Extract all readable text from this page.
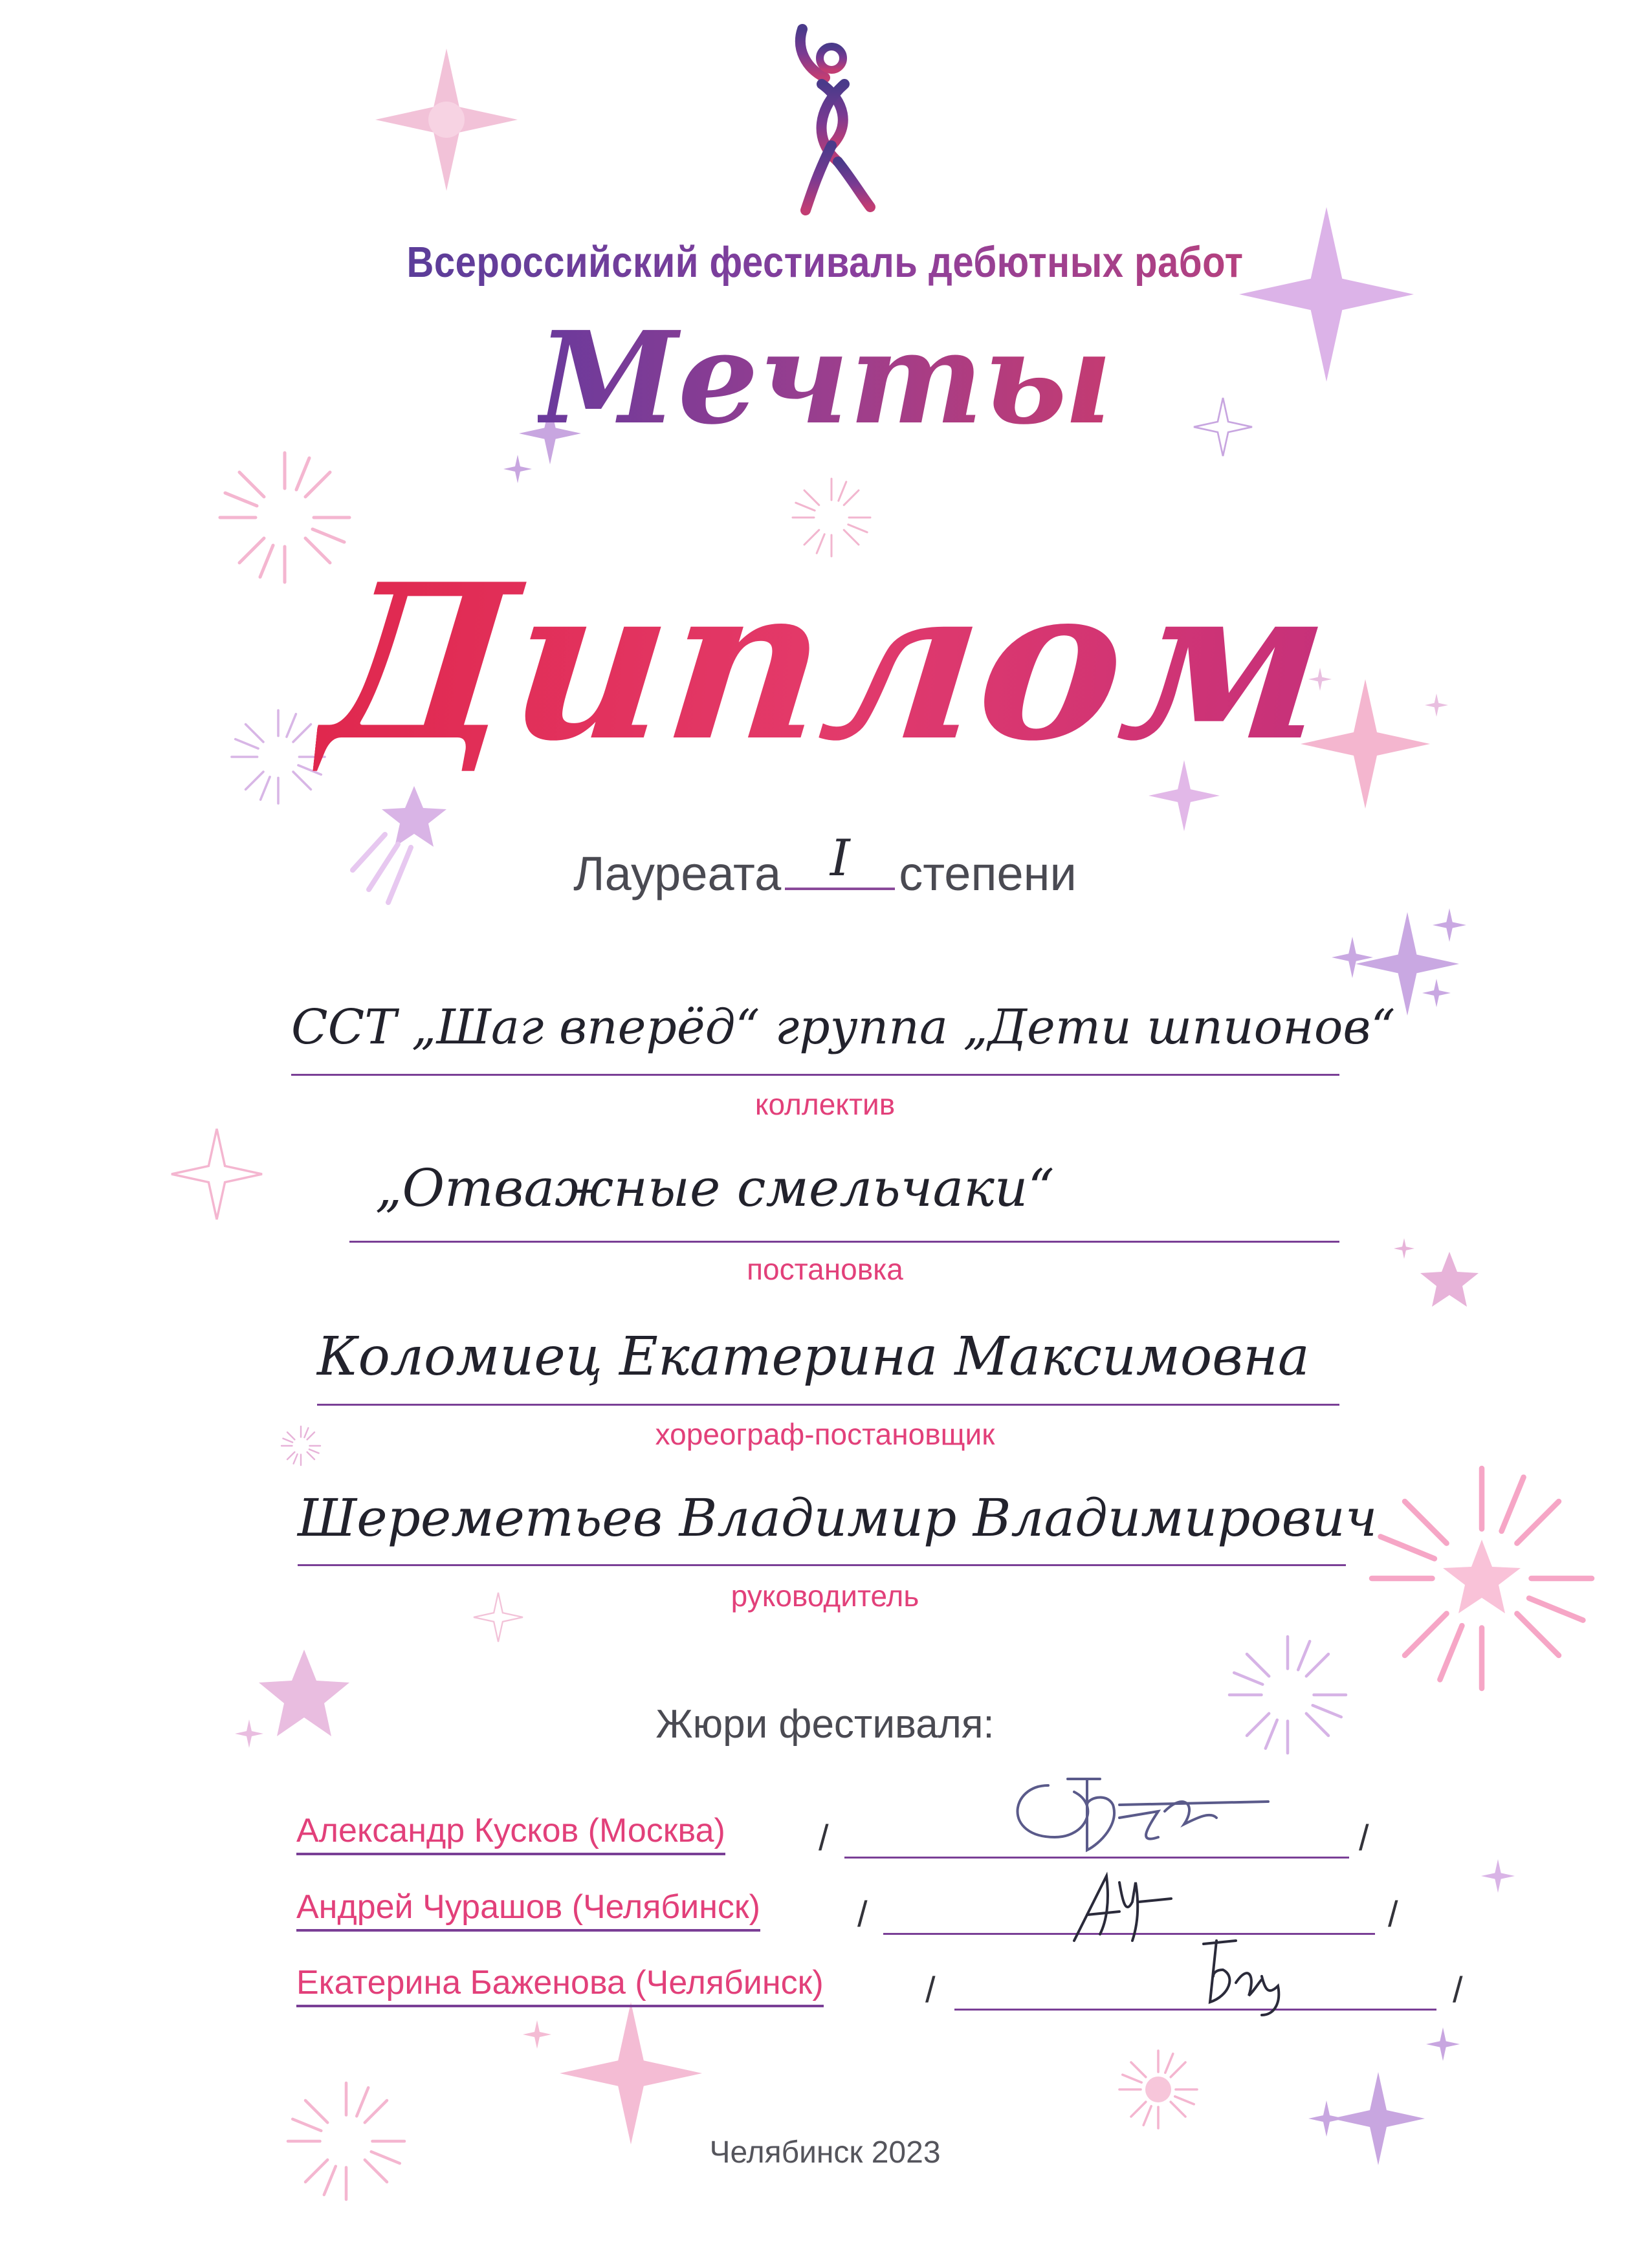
Всероссийский фестиваль дебютных работ
Мечты
Диплом
Лауреата I	степени
ССТ „Шаг вперёд“ группа „Дети шпионов“
коллектив
„Отважные смельчаки“
постановка
Коломиец Екатерина Максимовна
хореограф-постановщик
Шереметьев Владимир Владимирович
руководитель
Жюри фестиваля:
Александр Кусков (Москва)	/	/
Андрей Чурашов (Челябинск)	/	/
Екатерина Баженова (Челябинск)	/	/
Челябинск 2023
